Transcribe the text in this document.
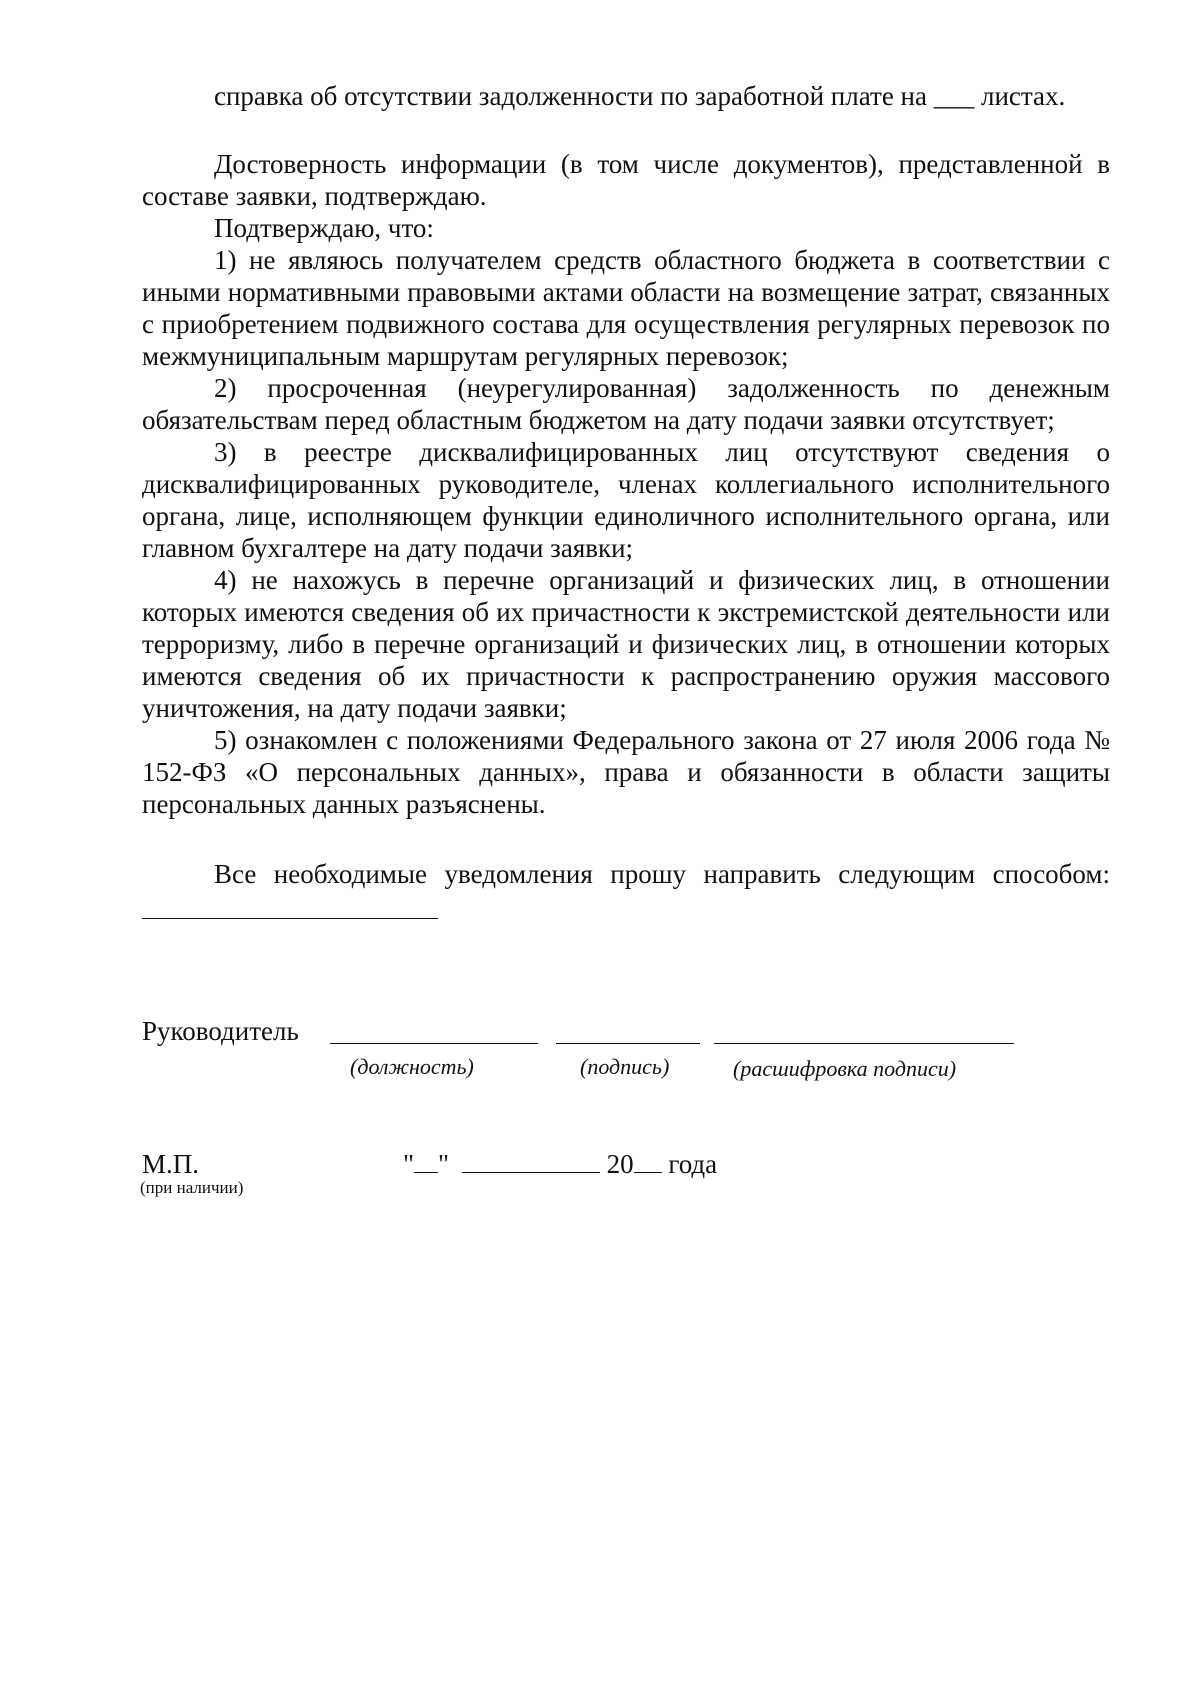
справка об отсутствии задолженности по заработной плате на ___ листах.

Достоверность информации (в том числе документов), представленной в составе заявки, подтверждаю.

Подтверждаю, что:

1) не являюсь получателем средств областного бюджета в соответствии с иными нормативными правовыми актами области на возмещение затрат, связанных с приобретением подвижного состава для осуществления регулярных перевозок по межмуниципальным маршрутам регулярных перевозок;

2) просроченная (неурегулированная) задолженность по денежным обязательствам перед областным бюджетом на дату подачи заявки отсутствует;

3) в реестре дисквалифицированных лиц отсутствуют сведения о дисквалифицированных руководителе, членах коллегиального исполнительного органа, лице, исполняющем функции единоличного исполнительного органа, или главном бухгалтере на дату подачи заявки;

4) не нахожусь в перечне организаций и физических лиц, в отношении которых имеются сведения об их причастности к экстремистской деятельности или терроризму, либо в перечне организаций и физических лиц, в отношении которых имеются сведения об их причастности к распространению оружия массового уничтожения, на дату подачи заявки;

5) ознакомлен с положениями Федерального закона от 27 июля 2006 года № 152-ФЗ «О персональных данных», права и обязанности в области защиты персональных данных разъяснены.

Все необходимые уведомления прошу направить следующим способом:

Руководитель
(должность)	(подпись)	(расшифровка подписи)
М.П.
(при наличии)
" "	20 года
